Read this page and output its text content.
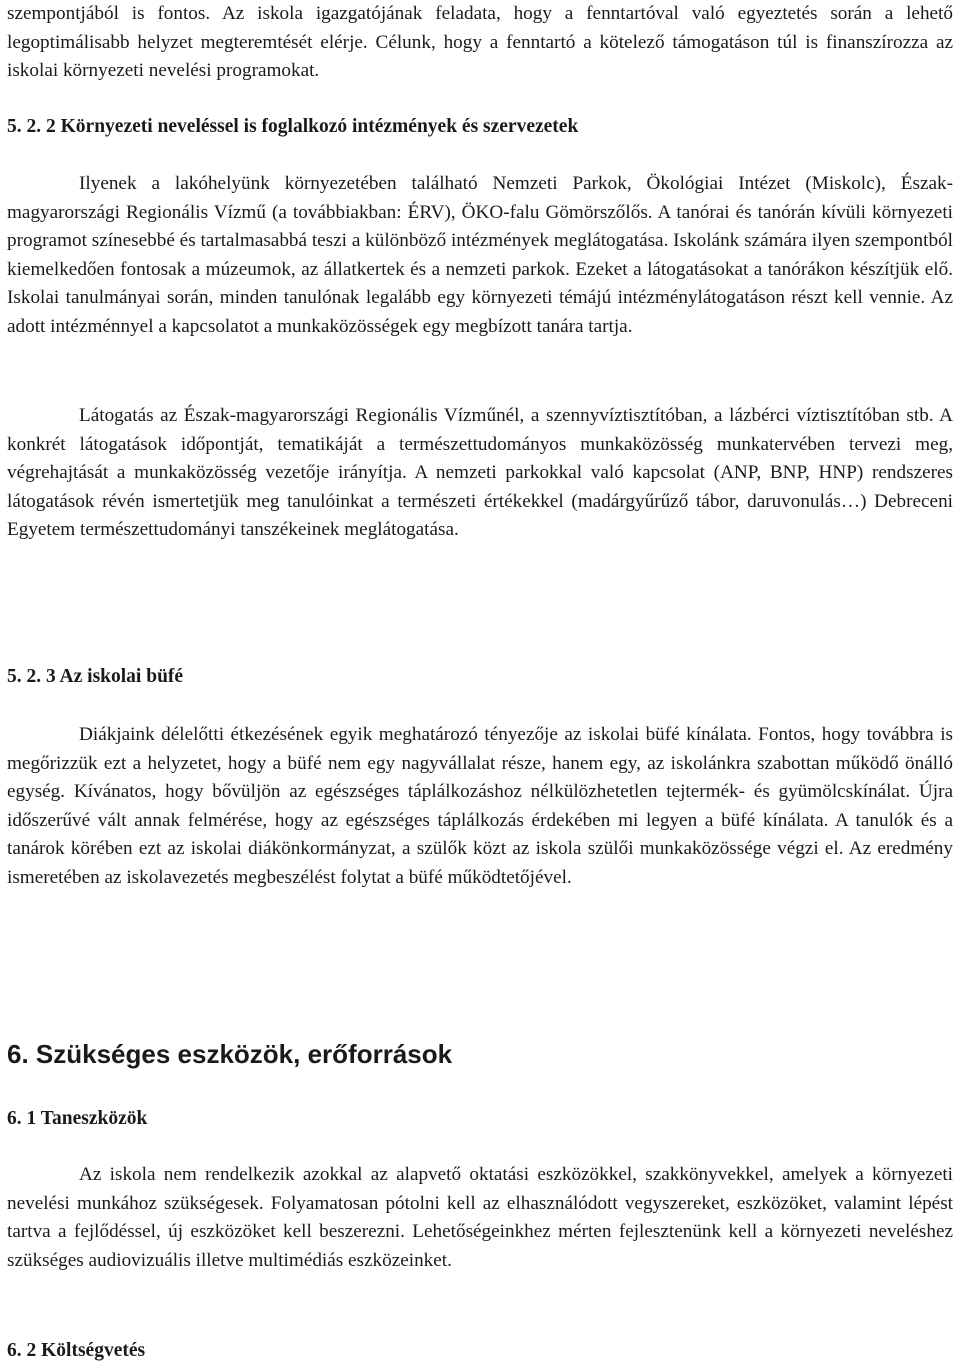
szempontjából is fontos. Az iskola igazgatójának feladata, hogy a fenntartóval való egyeztetés során a lehető legoptimálisabb helyzet megteremtését elérje. Célunk, hogy a fenntartó a kötelező támogatáson túl is finanszírozza az iskolai környezeti nevelési programokat.

5. 2. 2 Környezeti neveléssel is foglalkozó intézmények és szervezetek

Ilyenek a lakóhelyünk környezetében található Nemzeti Parkok, Ökológiai Intézet (Miskolc), Észak-magyarországi Regionális Vízmű (a továbbiakban: ÉRV), ÖKO-falu Gömörszőlős. A tanórai és tanórán kívüli környezeti programot színesebbé és tartalmasabbá teszi a különböző intézmények meglátogatása. Iskolánk számára ilyen szempontból kiemelkedően fontosak a múzeumok, az állatkertek és a nemzeti parkok. Ezeket a látogatásokat a tanórákon készítjük elő. Iskolai tanulmányai során, minden tanulónak legalább egy környezeti témájú intézménylátogatáson részt kell vennie. Az adott intézménnyel a kapcsolatot a munkaközösségek egy megbízott tanára tartja.

Látogatás az Észak-magyarországi Regionális Vízműnél, a szennyvíztisztítóban, a lázbérci víztisztítóban stb. A konkrét látogatások időpontját, tematikáját a természettudományos munkaközösség munkatervében tervezi meg, végrehajtását a munkaközösség vezetője irányítja. A nemzeti parkokkal való kapcsolat (ANP, BNP, HNP) rendszeres látogatások révén ismertetjük meg tanulóinkat a természeti értékekkel (madárgyűrűző tábor, daruvonulás…) Debreceni Egyetem természettudományi tanszékeinek meglátogatása.

5. 2. 3 Az iskolai büfé

Diákjaink délelőtti étkezésének egyik meghatározó tényezője az iskolai büfé kínálata. Fontos, hogy továbbra is megőrizzük ezt a helyzetet, hogy a büfé nem egy nagyvállalat része, hanem egy, az iskolánkra szabottan működő önálló egység. Kívánatos, hogy bővüljön az egészséges táplálkozáshoz nélkülözhetetlen tejtermék- és gyümölcskínálat. Újra időszerűvé vált annak felmérése, hogy az egészséges táplálkozás érdekében mi legyen a büfé kínálata. A tanulók és a tanárok körében ezt az iskolai diákönkormányzat, a szülők közt az iskola szülői munkaközössége végzi el. Az eredmény ismeretében az iskolavezetés megbeszélést folytat a büfé működtetőjével.

6. Szükséges eszközök, erőforrások
6. 1 Taneszközök

Az iskola nem rendelkezik azokkal az alapvető oktatási eszközökkel, szakkönyvekkel, amelyek a környezeti nevelési munkához szükségesek. Folyamatosan pótolni kell az elhasználódott vegyszereket, eszközöket, valamint lépést tartva a fejlődéssel, új eszközöket kell beszerezni. Lehetőségeinkhez mérten fejlesztenünk kell a környezeti neveléshez szükséges audiovizuális illetve multimédiás eszközeinket.

6. 2 Költségvetés
